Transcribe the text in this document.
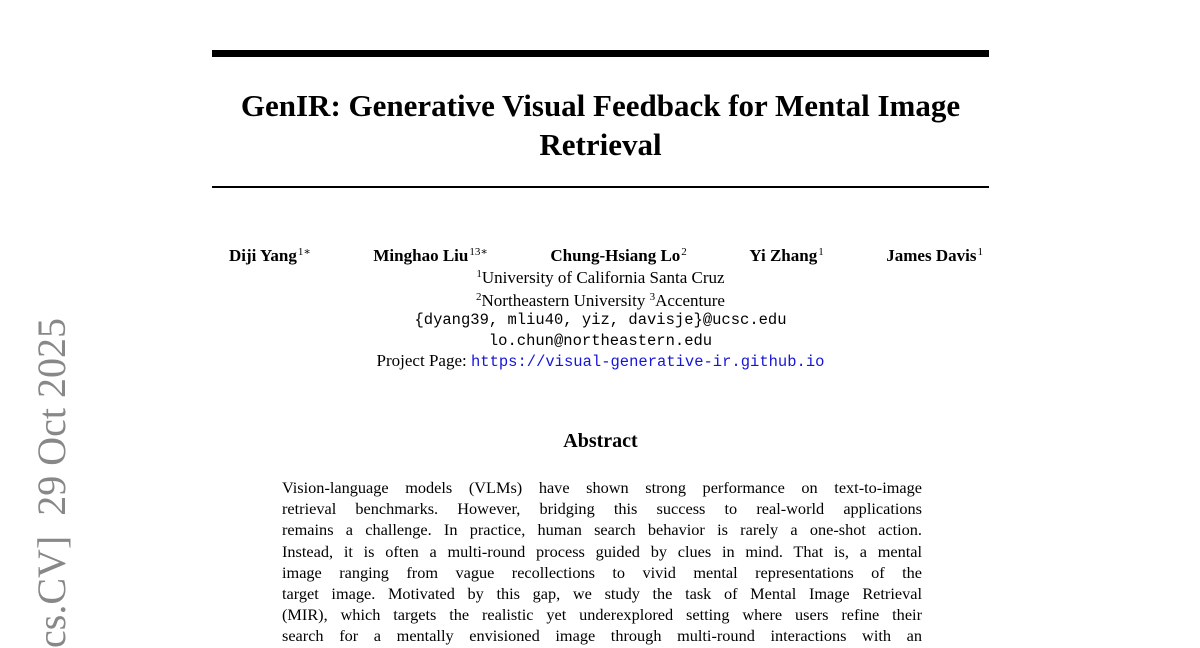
cs.CV]  29 Oct 2025
GenIR: Generative Visual Feedback for Mental Image Retrieval
Diji Yang$^{1∗}$	Minghao Liu$^{13∗}$	Chung-Hsiang Lo$^2$	Yi Zhang$^1$	James Davis$^1$
$^1$University of California Santa Cruz
$^2$Northeastern University $^3$Accenture
{dyang39, mliu40, yiz, davisje}@ucsc.edu
lo.chun@northeastern.edu
Project Page: https://visual-generative-ir.github.io
Abstract
Vision-language models (VLMs) have shown strong performance on text-to-image
retrieval benchmarks. However, bridging this success to real-world applications
remains a challenge. In practice, human search behavior is rarely a one-shot action.
Instead, it is often a multi-round process guided by clues in mind. That is, a mental
image ranging from vague recollections to vivid mental representations of the
target image. Motivated by this gap, we study the task of Mental Image Retrieval
(MIR), which targets the realistic yet underexplored setting where users refine their
search for a mentally envisioned image through multi-round interactions with an
